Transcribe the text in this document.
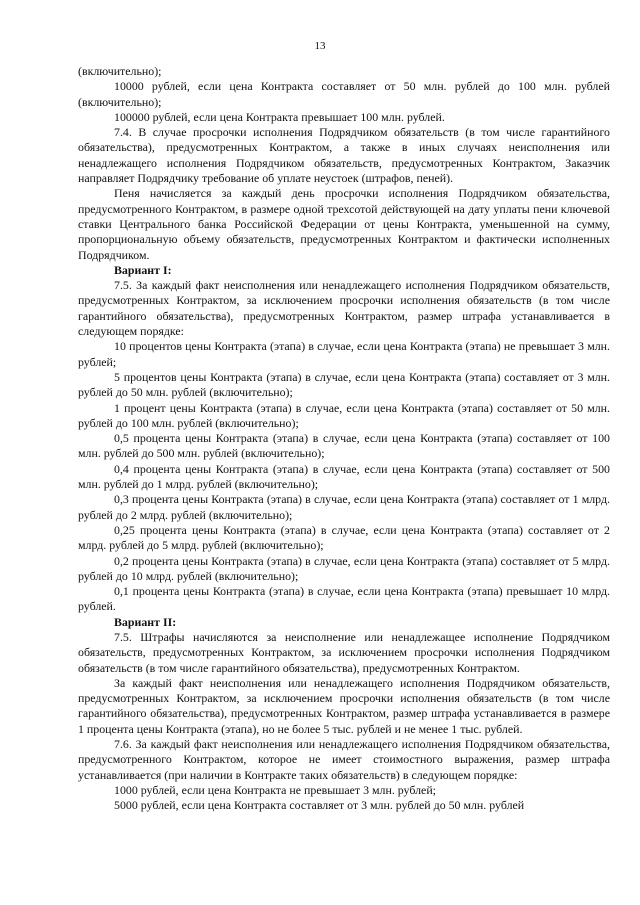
13

(включительно);

10000 рублей, если цена Контракта составляет от 50 млн. рублей до 100 млн. рублей (включительно);

100000 рублей, если цена Контракта превышает 100 млн. рублей.

7.4. В случае просрочки исполнения Подрядчиком обязательств (в том числе гарантийного обязательства), предусмотренных Контрактом, а также в иных случаях неисполнения или ненадлежащего исполнения Подрядчиком обязательств, предусмотренных Контрактом, Заказчик направляет Подрядчику требование об уплате неустоек (штрафов, пеней).

Пеня начисляется за каждый день просрочки исполнения Подрядчиком обязательства, предусмотренного Контрактом, в размере одной трехсотой действующей на дату уплаты пени ключевой ставки Центрального банка Российской Федерации от цены Контракта, уменьшенной на сумму, пропорциональную объему обязательств, предусмотренных Контрактом и фактически исполненных Подрядчиком.

Вариант I:

7.5. За каждый факт неисполнения или ненадлежащего исполнения Подрядчиком обязательств, предусмотренных Контрактом, за исключением просрочки исполнения обязательств (в том числе гарантийного обязательства), предусмотренных Контрактом, размер штрафа устанавливается в следующем порядке:

10 процентов цены Контракта (этапа) в случае, если цена Контракта (этапа) не превышает 3 млн. рублей;

5 процентов цены Контракта (этапа) в случае, если цена Контракта (этапа) составляет от 3 млн. рублей до 50 млн. рублей (включительно);

1 процент цены Контракта (этапа) в случае, если цена Контракта (этапа) составляет от 50 млн. рублей до 100 млн. рублей (включительно);

0,5 процента цены Контракта (этапа) в случае, если цена Контракта (этапа) составляет от 100 млн. рублей до 500 млн. рублей (включительно);

0,4 процента цены Контракта (этапа) в случае, если цена Контракта (этапа) составляет от 500 млн. рублей до 1 млрд. рублей (включительно);

0,3 процента цены Контракта (этапа) в случае, если цена Контракта (этапа) составляет от 1 млрд. рублей до 2 млрд. рублей (включительно);

0,25 процента цены Контракта (этапа) в случае, если цена Контракта (этапа) составляет от 2 млрд. рублей до 5 млрд. рублей (включительно);

0,2 процента цены Контракта (этапа) в случае, если цена Контракта (этапа) составляет от 5 млрд. рублей до 10 млрд. рублей (включительно);

0,1 процента цены Контракта (этапа) в случае, если цена Контракта (этапа) превышает 10 млрд. рублей.

Вариант II:

7.5. Штрафы начисляются за неисполнение или ненадлежащее исполнение Подрядчиком обязательств, предусмотренных Контрактом, за исключением просрочки исполнения Подрядчиком обязательств (в том числе гарантийного обязательства), предусмотренных Контрактом.

За каждый факт неисполнения или ненадлежащего исполнения Подрядчиком обязательств, предусмотренных Контрактом, за исключением просрочки исполнения обязательств (в том числе гарантийного обязательства), предусмотренных Контрактом, размер штрафа устанавливается в размере 1 процента цены Контракта (этапа), но не более 5 тыс. рублей и не менее 1 тыс. рублей.

7.6. За каждый факт неисполнения или ненадлежащего исполнения Подрядчиком обязательства, предусмотренного Контрактом, которое не имеет стоимостного выражения, размер штрафа устанавливается (при наличии в Контракте таких обязательств) в следующем порядке:

1000 рублей, если цена Контракта не превышает 3 млн. рублей;

5000 рублей, если цена Контракта составляет от 3 млн. рублей до 50 млн. рублей
